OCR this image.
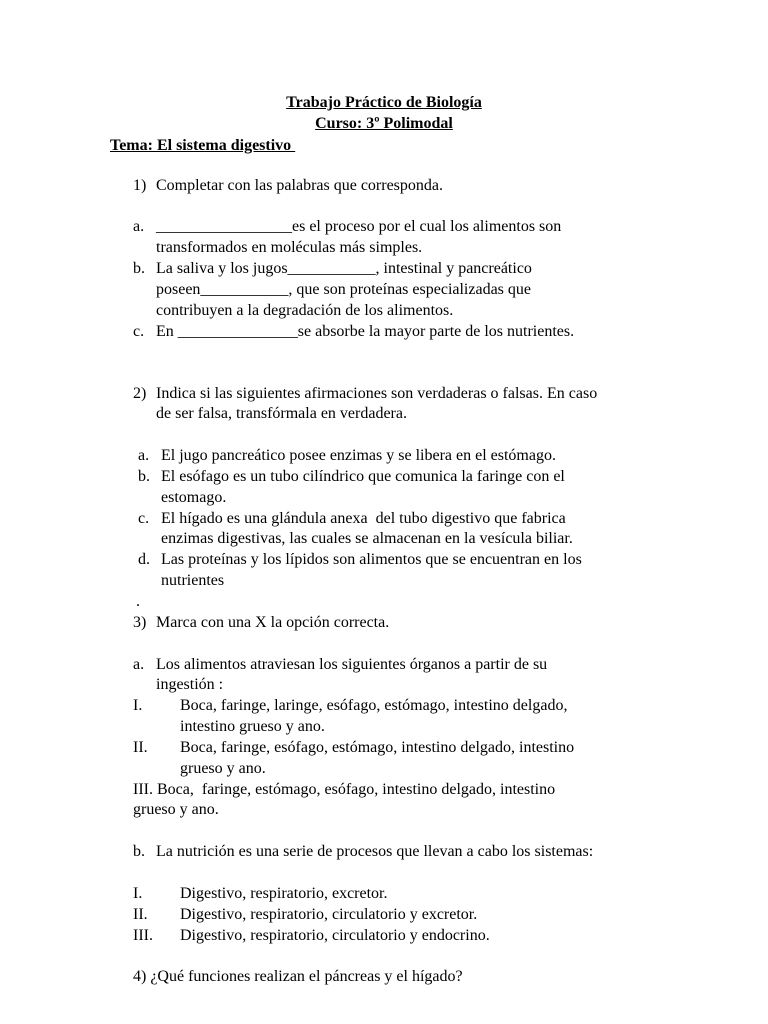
Trabajo Práctico de Biología
Curso: 3º Polimodal
Tema: El sistema digestivo
1) Completar con las palabras que corresponda.
a. _________________es el proceso por el cual los alimentos son
transformados en moléculas más simples.
b. La saliva y los jugos___________, intestinal y pancreático
poseen___________, que son proteínas especializadas que
contribuyen a la degradación de los alimentos.
c. En _______________se absorbe la mayor parte de los nutrientes.
2) Indica si las siguientes afirmaciones son verdaderas o falsas. En caso
de ser falsa, transfórmala en verdadera.
a. El jugo pancreático posee enzimas y se libera en el estómago.
b. El esófago es un tubo cilíndrico que comunica la faringe con el
estomago.
c. El hígado es una glándula anexa  del tubo digestivo que fabrica
enzimas digestivas, las cuales se almacenan en la vesícula biliar.
d. Las proteínas y los lípidos son alimentos que se encuentran en los
nutrientes
.
3) Marca con una X la opción correcta.
a. Los alimentos atraviesan los siguientes órganos a partir de su
ingestión :
I. Boca, faringe, laringe, esófago, estómago, intestino delgado,
intestino grueso y ano.
II. Boca, faringe, esófago, estómago, intestino delgado, intestino
grueso y ano.
III. Boca,  faringe, estómago, esófago, intestino delgado, intestino
grueso y ano.
b. La nutrición es una serie de procesos que llevan a cabo los sistemas:
I. Digestivo, respiratorio, excretor.
II. Digestivo, respiratorio, circulatorio y excretor.
III. Digestivo, respiratorio, circulatorio y endocrino.
4) ¿Qué funciones realizan el páncreas y el hígado?
